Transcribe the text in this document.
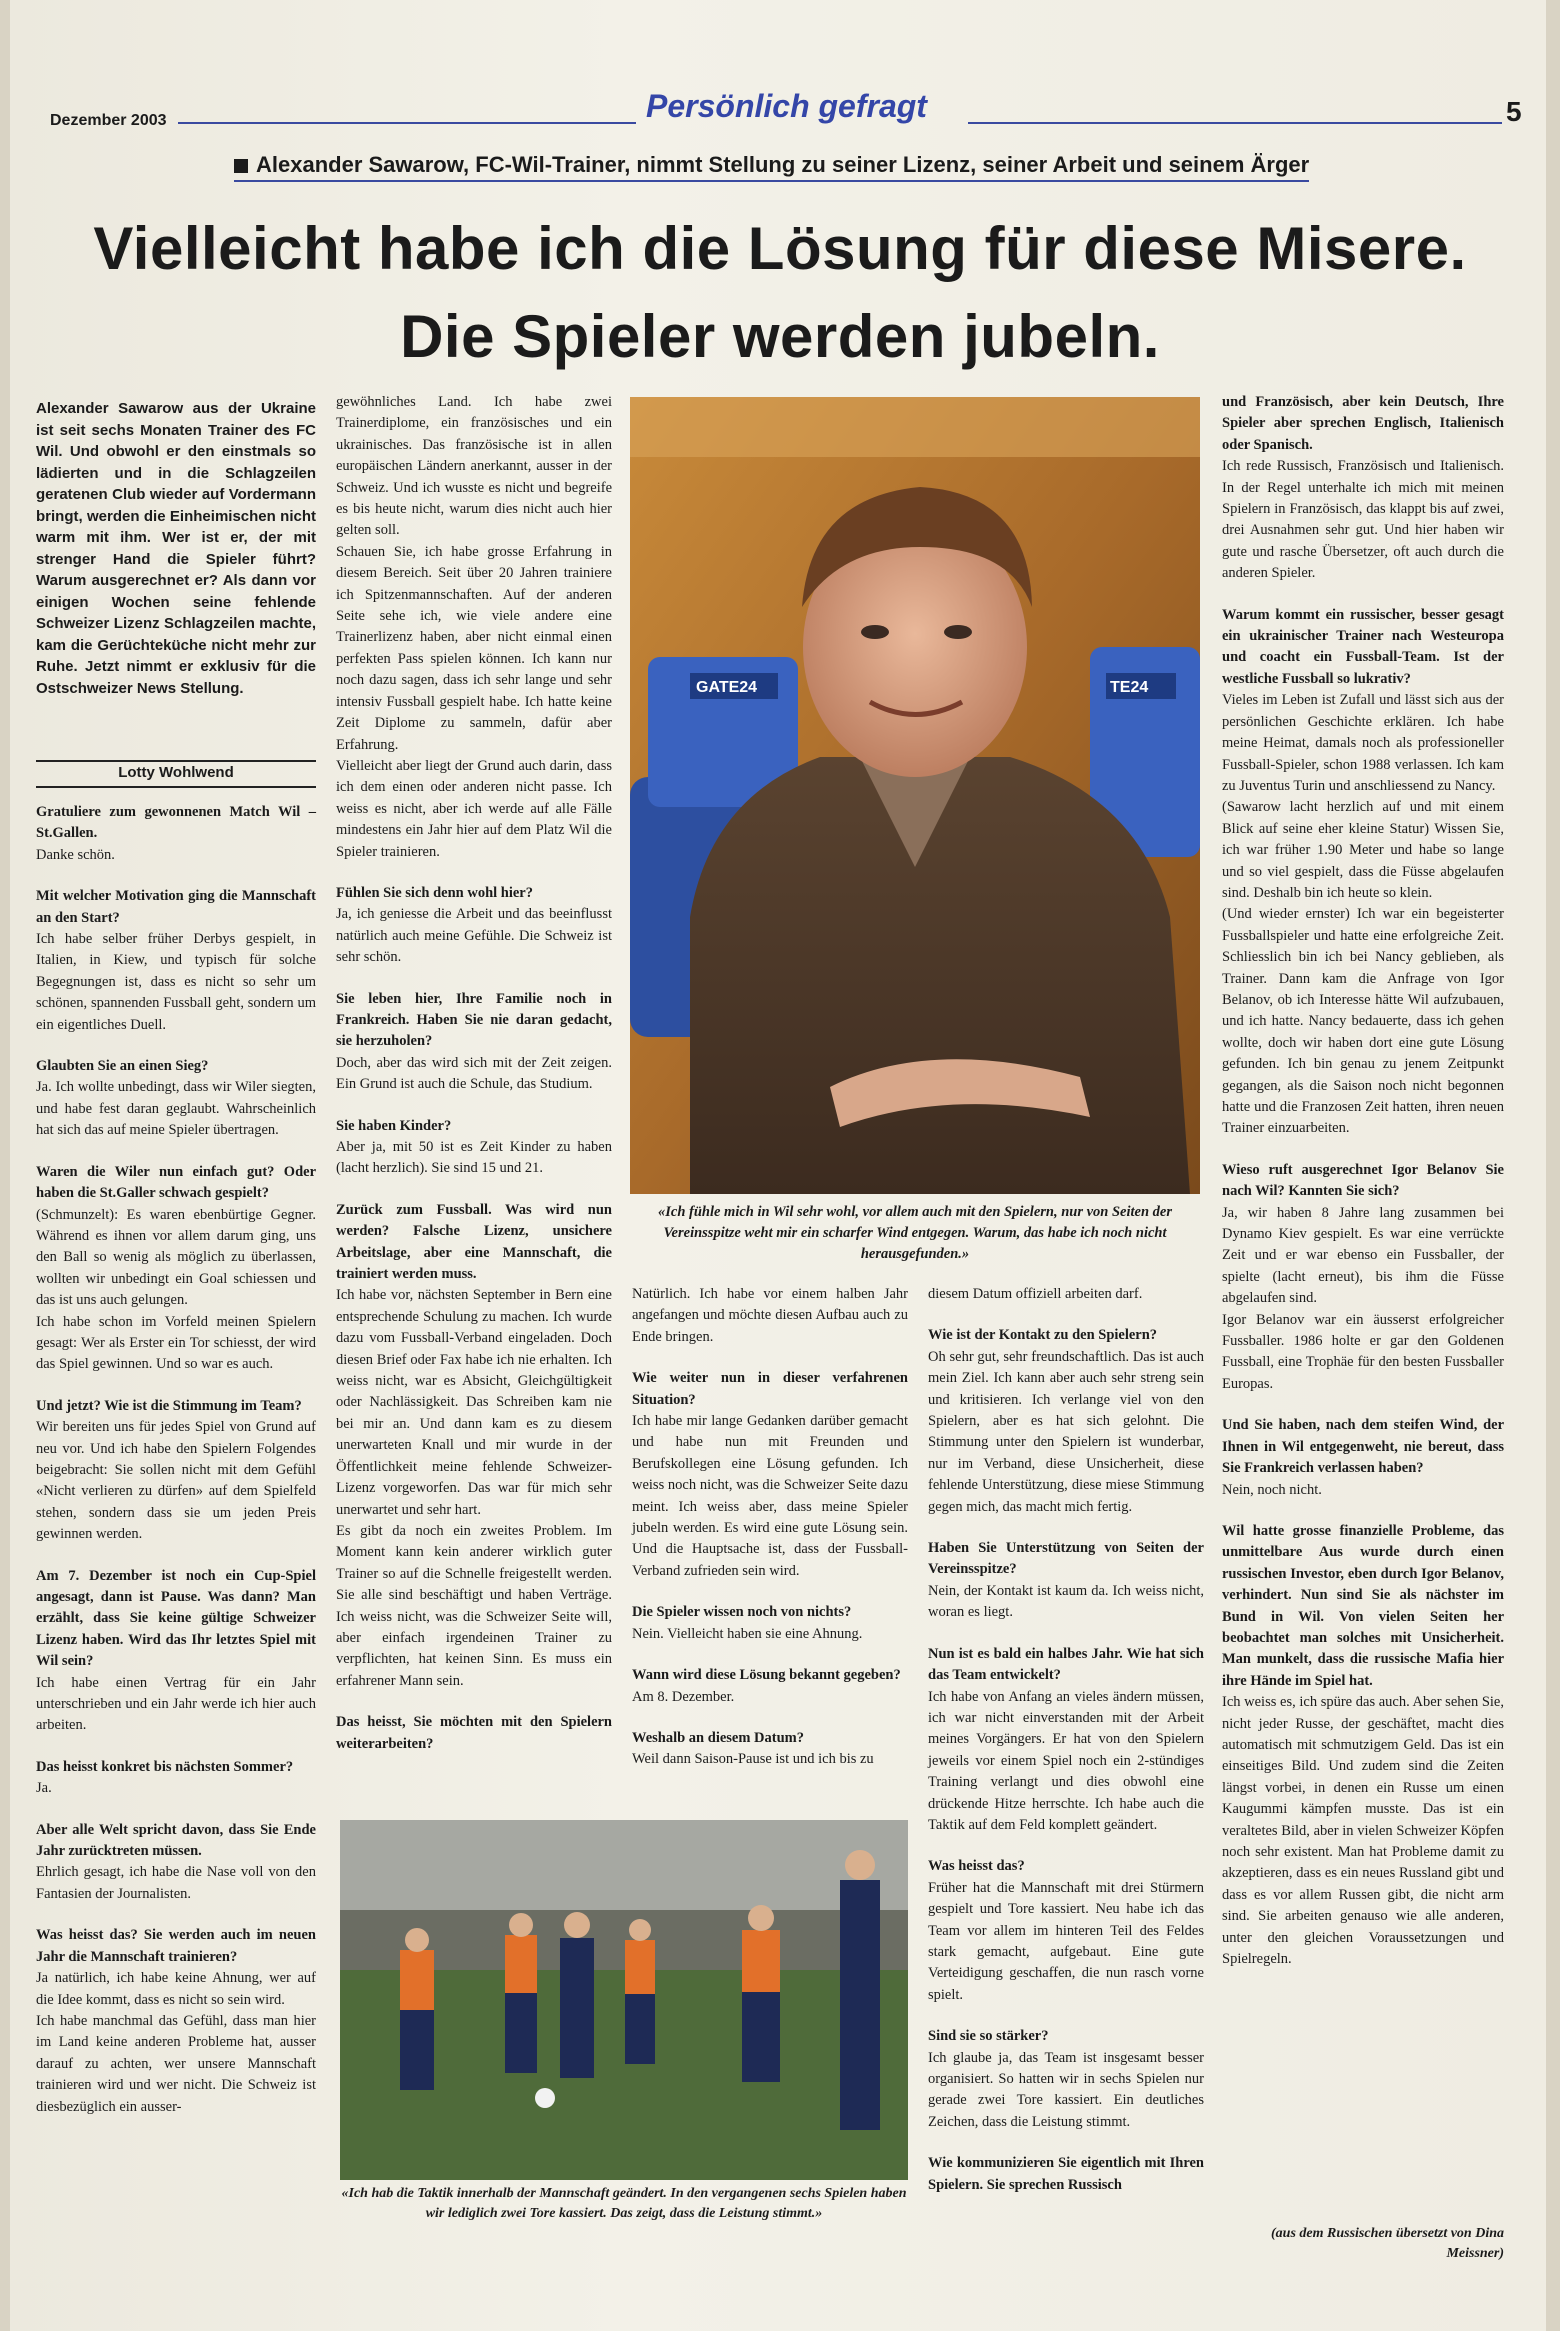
Dezember 2003	Persönlich gefragt	5
Alexander Sawarow, FC-Wil-Trainer, nimmt Stellung zu seiner Lizenz, seiner Arbeit und seinem Ärger
Vielleicht habe ich die Lösung für diese Misere.
Die Spieler werden jubeln.
Alexander Sawarow aus der Ukraine ist seit sechs Monaten Trainer des FC Wil. Und obwohl er den einstmals so lädierten und in die Schlagzeilen geratenen Club wieder auf Vordermann bringt, werden die Einheimischen nicht warm mit ihm. Wer ist er, der mit strenger Hand die Spieler führt? Warum ausgerechnet er? Als dann vor einigen Wochen seine fehlende Schweizer Lizenz Schlagzeilen machte, kam die Gerüchteküche nicht mehr zur Ruhe. Jetzt nimmt er exklusiv für die Ostschweizer News Stellung.
Lotty Wohlwend

Gratuliere zum gewonnenen Match Wil – St.Gallen.
Danke schön.

Mit welcher Motivation ging die Mannschaft an den Start?
Ich habe selber früher Derbys gespielt, in Italien, in Kiew, und typisch für solche Begegnungen ist, dass es nicht so sehr um schönen, spannenden Fussball geht, sondern um ein eigentliches Duell.

Glaubten Sie an einen Sieg?
Ja. Ich wollte unbedingt, dass wir Wiler siegten, und habe fest daran geglaubt. Wahrscheinlich hat sich das auf meine Spieler übertragen.

Waren die Wiler nun einfach gut? Oder haben die St.Galler schwach gespielt?
(Schmunzelt): Es waren ebenbürtige Gegner. Während es ihnen vor allem darum ging, uns den Ball so wenig als möglich zu überlassen, wollten wir unbedingt ein Goal schiessen und das ist uns auch gelungen.
Ich habe schon im Vorfeld meinen Spielern gesagt: Wer als Erster ein Tor schiesst, der wird das Spiel gewinnen. Und so war es auch.

Und jetzt? Wie ist die Stimmung im Team?
Wir bereiten uns für jedes Spiel von Grund auf neu vor. Und ich habe den Spielern Folgendes beigebracht: Sie sollen nicht mit dem Gefühl «Nicht verlieren zu dürfen» auf dem Spielfeld stehen, sondern dass sie um jeden Preis gewinnen werden.

Am 7. Dezember ist noch ein Cup-Spiel angesagt, dann ist Pause. Was dann? Man erzählt, dass Sie keine gültige Schweizer Lizenz haben. Wird das Ihr letztes Spiel mit Wil sein?
Ich habe einen Vertrag für ein Jahr unterschrieben und ein Jahr werde ich hier auch arbeiten.

Das heisst konkret bis nächsten Sommer?
Ja.

Aber alle Welt spricht davon, dass Sie Ende Jahr zurücktreten müssen.
Ehrlich gesagt, ich habe die Nase voll von den Fantasien der Journalisten.

Was heisst das? Sie werden auch im neuen Jahr die Mannschaft trainieren?
Ja natürlich, ich habe keine Ahnung, wer auf die Idee kommt, dass es nicht so sein wird.
Ich habe manchmal das Gefühl, dass man hier im Land keine anderen Probleme hat, ausser darauf zu achten, wer unsere Mannschaft trainieren wird und wer nicht. Die Schweiz ist diesbezüglich ein ausser-

gewöhnliches Land. Ich habe zwei Trainerdiplome, ein französisches und ein ukrainisches. Das französische ist in allen europäischen Ländern anerkannt, ausser in der Schweiz. Und ich wusste es nicht und begreife es bis heute nicht, warum dies nicht auch hier gelten soll.
Schauen Sie, ich habe grosse Erfahrung in diesem Bereich. Seit über 20 Jahren trainiere ich Spitzenmannschaften. Auf der anderen Seite sehe ich, wie viele andere eine Trainerlizenz haben, aber nicht einmal einen perfekten Pass spielen können. Ich kann nur noch dazu sagen, dass ich sehr lange und sehr intensiv Fussball gespielt habe. Ich hatte keine Zeit Diplome zu sammeln, dafür aber Erfahrung.
Vielleicht aber liegt der Grund auch darin, dass ich dem einen oder anderen nicht passe. Ich weiss es nicht, aber ich werde auf alle Fälle mindestens ein Jahr hier auf dem Platz Wil die Spieler trainieren.

Fühlen Sie sich denn wohl hier?
Ja, ich geniesse die Arbeit und das beeinflusst natürlich auch meine Gefühle. Die Schweiz ist sehr schön.

Sie leben hier, Ihre Familie noch in Frankreich. Haben Sie nie daran gedacht, sie herzuholen?
Doch, aber das wird sich mit der Zeit zeigen. Ein Grund ist auch die Schule, das Studium.

Sie haben Kinder?
Aber ja, mit 50 ist es Zeit Kinder zu haben (lacht herzlich). Sie sind 15 und 21.

Zurück zum Fussball. Was wird nun werden? Falsche Lizenz, unsichere Arbeitslage, aber eine Mannschaft, die trainiert werden muss.
Ich habe vor, nächsten September in Bern eine entsprechende Schulung zu machen. Ich wurde dazu vom Fussball-Verband eingeladen. Doch diesen Brief oder Fax habe ich nie erhalten. Ich weiss nicht, war es Absicht, Gleichgültigkeit oder Nachlässigkeit. Das Schreiben kam nie bei mir an. Und dann kam es zu diesem unerwarteten Knall und mir wurde in der Öffentlichkeit meine fehlende Schweizer-Lizenz vorgeworfen. Das war für mich sehr unerwartet und sehr hart.
Es gibt da noch ein zweites Problem. Im Moment kann kein anderer wirklich guter Trainer so auf die Schnelle freigestellt werden. Sie alle sind beschäftigt und haben Verträge. Ich weiss nicht, was die Schweizer Seite will, aber einfach irgendeinen Trainer zu verpflichten, hat keinen Sinn. Es muss ein erfahrener Mann sein.

Das heisst, Sie möchten mit den Spielern weiterarbeiten?

Natürlich. Ich habe vor einem halben Jahr angefangen und möchte diesen Aufbau auch zu Ende bringen.

Wie weiter nun in dieser verfahrenen Situation?
Ich habe mir lange Gedanken darüber gemacht und habe nun mit Freunden und Berufskollegen eine Lösung gefunden. Ich weiss noch nicht, was die Schweizer Seite dazu meint. Ich weiss aber, dass meine Spieler jubeln werden. Es wird eine gute Lösung sein. Und die Hauptsache ist, dass der Fussball-Verband zufrieden sein wird.

Die Spieler wissen noch von nichts?
Nein. Vielleicht haben sie eine Ahnung.

Wann wird diese Lösung bekannt gegeben?
Am 8. Dezember.

Weshalb an diesem Datum?
Weil dann Saison-Pause ist und ich bis zu

diesem Datum offiziell arbeiten darf.

Wie ist der Kontakt zu den Spielern?
Oh sehr gut, sehr freundschaftlich. Das ist auch mein Ziel. Ich kann aber auch sehr streng sein und kritisieren. Ich verlange viel von den Spielern, aber es hat sich gelohnt. Die Stimmung unter den Spielern ist wunderbar, nur im Verband, diese Unsicherheit, diese fehlende Unterstützung, diese miese Stimmung gegen mich, das macht mich fertig.

Haben Sie Unterstützung von Seiten der Vereinsspitze?
Nein, der Kontakt ist kaum da. Ich weiss nicht, woran es liegt.

Nun ist es bald ein halbes Jahr. Wie hat sich das Team entwickelt?
Ich habe von Anfang an vieles ändern müssen, ich war nicht einverstanden mit der Arbeit meines Vorgängers. Er hat von den Spielern jeweils vor einem Spiel noch ein 2-stündiges Training verlangt und dies obwohl eine drückende Hitze herrschte. Ich habe auch die Taktik auf dem Feld komplett geändert.

Was heisst das?
Früher hat die Mannschaft mit drei Stürmern gespielt und Tore kassiert. Neu habe ich das Team vor allem im hinteren Teil des Feldes stark gemacht, aufgebaut. Eine gute Verteidigung geschaffen, die nun rasch vorne spielt.

Sind sie so stärker?
Ich glaube ja, das Team ist insgesamt besser organisiert. So hatten wir in sechs Spielen nur gerade zwei Tore kassiert. Ein deutliches Zeichen, dass die Leistung stimmt.

Wie kommunizieren Sie eigentlich mit Ihren Spielern. Sie sprechen Russisch

und Französisch, aber kein Deutsch, Ihre Spieler aber sprechen Englisch, Italienisch oder Spanisch.
Ich rede Russisch, Französisch und Italienisch. In der Regel unterhalte ich mich mit meinen Spielern in Französisch, das klappt bis auf zwei, drei Ausnahmen sehr gut. Und hier haben wir gute und rasche Übersetzer, oft auch durch die anderen Spieler.

Warum kommt ein russischer, besser gesagt ein ukrainischer Trainer nach Westeuropa und coacht ein Fussball-Team. Ist der westliche Fussball so lukrativ?
Vieles im Leben ist Zufall und lässt sich aus der persönlichen Geschichte erklären. Ich habe meine Heimat, damals noch als professioneller Fussball-Spieler, schon 1988 verlassen. Ich kam zu Juventus Turin und anschliessend zu Nancy.
(Sawarow lacht herzlich auf und mit einem Blick auf seine eher kleine Statur) Wissen Sie, ich war früher 1.90 Meter und habe so lange und so viel gespielt, dass die Füsse abgelaufen sind. Deshalb bin ich heute so klein.
(Und wieder ernster) Ich war ein begeisterter Fussballspieler und hatte eine erfolgreiche Zeit. Schliesslich bin ich bei Nancy geblieben, als Trainer. Dann kam die Anfrage von Igor Belanov, ob ich Interesse hätte Wil aufzubauen, und ich hatte. Nancy bedauerte, dass ich gehen wollte, doch wir haben dort eine gute Lösung gefunden. Ich bin genau zu jenem Zeitpunkt gegangen, als die Saison noch nicht begonnen hatte und die Franzosen Zeit hatten, ihren neuen Trainer einzuarbeiten.

Wieso ruft ausgerechnet Igor Belanov Sie nach Wil? Kannten Sie sich?
Ja, wir haben 8 Jahre lang zusammen bei Dynamo Kiev gespielt. Es war eine verrückte Zeit und er war ebenso ein Fussballer, der spielte (lacht erneut), bis ihm die Füsse abgelaufen sind.
Igor Belanov war ein äusserst erfolgreicher Fussballer. 1986 holte er gar den Goldenen Fussball, eine Trophäe für den besten Fussballer Europas.

Und Sie haben, nach dem steifen Wind, der Ihnen in Wil entgegenweht, nie bereut, dass Sie Frankreich verlassen haben?
Nein, noch nicht.

Wil hatte grosse finanzielle Probleme, das unmittelbare Aus wurde durch einen russischen Investor, eben durch Igor Belanov, verhindert. Nun sind Sie als nächster im Bund in Wil. Von vielen Seiten her beobachtet man solches mit Unsicherheit. Man munkelt, dass die russische Mafia hier ihre Hände im Spiel hat.
Ich weiss es, ich spüre das auch. Aber sehen Sie, nicht jeder Russe, der geschäftet, macht dies automatisch mit schmutzigem Geld. Das ist ein einseitiges Bild. Und zudem sind die Zeiten längst vorbei, in denen ein Russe um einen Kaugummi kämpfen musste. Das ist ein veraltetes Bild, aber in vielen Schweizer Köpfen noch sehr existent. Man hat Probleme damit zu akzeptieren, dass es ein neues Russland gibt und dass es vor allem Russen gibt, die nicht arm sind. Sie arbeiten genauso wie alle anderen, unter den gleichen Voraussetzungen und Spielregeln.

GATE24	TE24
«Ich fühle mich in Wil sehr wohl, vor allem auch mit den Spielern, nur von Seiten der Vereinsspitze weht mir ein scharfer Wind entgegen. Warum, das habe ich noch nicht herausgefunden.»
«Ich hab die Taktik innerhalb der Mannschaft geändert. In den vergangenen sechs Spielen haben wir lediglich zwei Tore kassiert. Das zeigt, dass die Leistung stimmt.»
(aus dem Russischen übersetzt von Dina Meissner)
